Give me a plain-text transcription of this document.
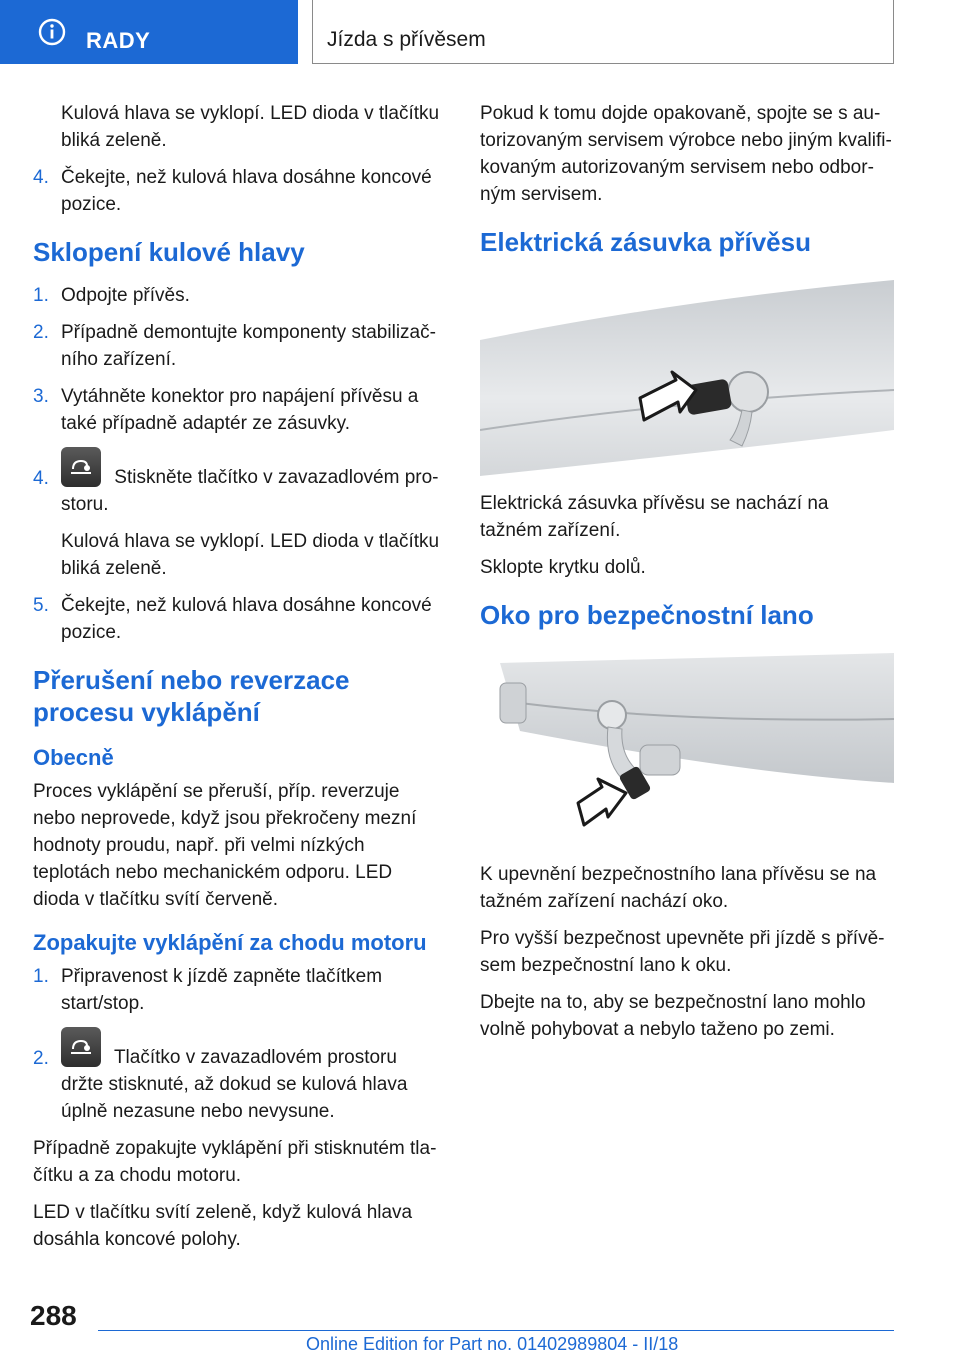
RADY	Jízda s přívěsem
Kulová hlava se vyklopí. LED dioda v tlačítku bliká zeleně.
4. Čekejte, než kulová hlava dosáhne koncové pozice.
Sklopení kulové hlavy
1. Odpojte přívěs.
2. Případně demontujte komponenty stabilizačního zařízení.
3. Vytáhněte konektor pro napájení přívěsu a také případně adaptér ze zásuvky.
4.	Stiskněte tlačítko v zavazadlovém prostoru.
Kulová hlava se vyklopí. LED dioda v tlačítku bliká zeleně.
5. Čekejte, než kulová hlava dosáhne koncové pozice.
Přerušení nebo reverzace procesu vyklápění
Obecně

Proces vyklápění se přeruší, příp. reverzuje nebo neprovede, když jsou překročeny mezní hodnoty proudu, např. při velmi nízkých teplotách nebo mechanickém odporu. LED dioda v tlačítku svítí červeně.

Zopakujte vyklápění za chodu motoru
1. Připravenost k jízdě zapněte tlačítkem start/stop.
2.	Tlačítko v zavazadlovém prostoru držte stisknuté, až dokud se kulová hlava úplně nezasune nebo nevysune.

Případně zopakujte vyklápění při stisknutém tlačítku a za chodu motoru.

LED v tlačítku svítí zeleně, když kulová hlava dosáhla koncové polohy.

Pokud k tomu dojde opakovaně, spojte se s autorizovaným servisem výrobce nebo jiným kvalifikovaným autorizovaným servisem nebo odborným servisem.

Elektrická zásuvka přívěsu

Elektrická zásuvka přívěsu se nachází na tažném zařízení.

Sklopte krytku dolů.

Oko pro bezpečnostní lano

K upevnění bezpečnostního lana přívěsu se na tažném zařízení nachází oko.

Pro vyšší bezpečnost upevněte při jízdě s přívěsem bezpečnostní lano k oku.

Dbejte na to, aby se bezpečnostní lano mohlo volně pohybovat a nebylo taženo po zemi.

288
Online Edition for Part no. 01402989804 - II/18
